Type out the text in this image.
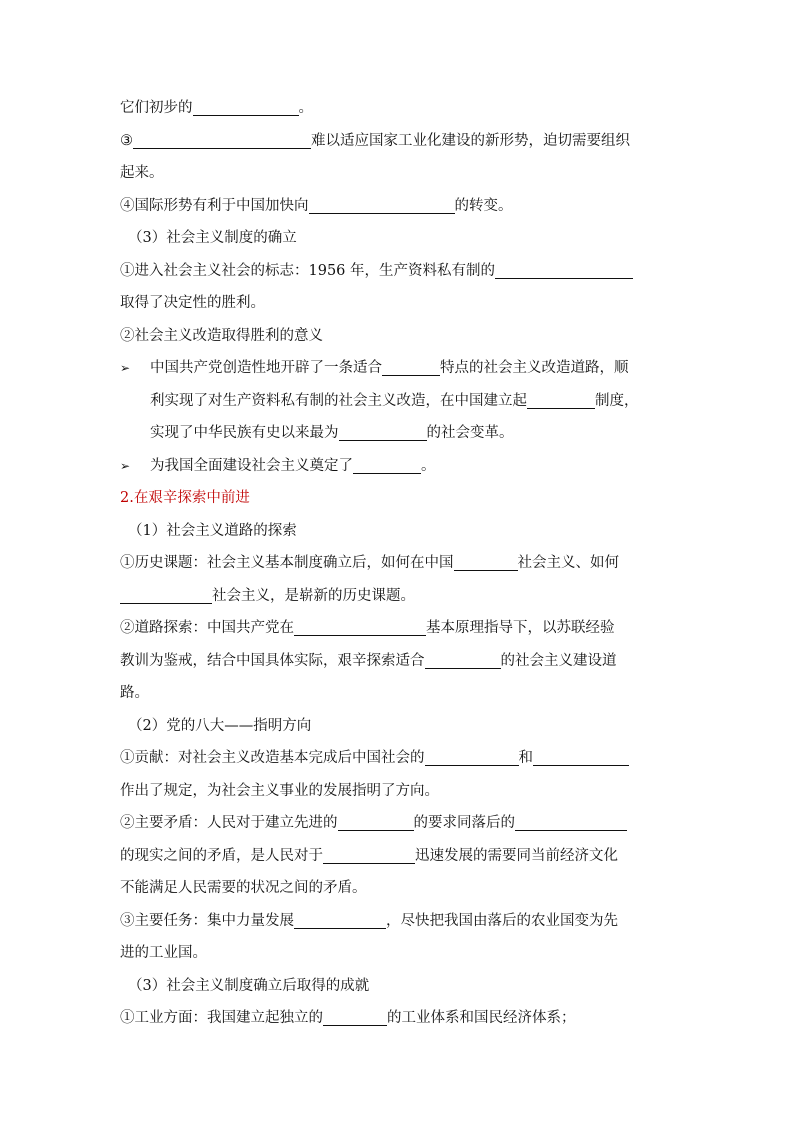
它们初步的	。
③	难以适应国家工业化建设的新形势，迫切需要组织
起来。
④国际形势有利于中国加快向	的转变。
（3）社会主义制度的确立
①进入社会主义社会的标志：1956 年，生产资料私有制的
取得了决定性的胜利。
②社会主义改造取得胜利的意义
➢ 中国共产党创造性地开辟了一条适合	特点的社会主义改造道路，顺
利实现了对生产资料私有制的社会主义改造，在中国建立起	制度，
实现了中华民族有史以来最为	的社会变革。
➢ 为我国全面建设社会主义奠定了	。
2.在艰辛探索中前进
（1）社会主义道路的探索
①历史课题：社会主义基本制度确立后，如何在中国	社会主义、如何
社会主义，是崭新的历史课题。
②道路探索：中国共产党在	基本原理指导下，以苏联经验
教训为鉴戒，结合中国具体实际，艰辛探索适合	的社会主义建设道
路。
（2）党的八大——指明方向
①贡献：对社会主义改造基本完成后中国社会的	和
作出了规定，为社会主义事业的发展指明了方向。
②主要矛盾：人民对于建立先进的	的要求同落后的
的现实之间的矛盾，是人民对于	迅速发展的需要同当前经济文化
不能满足人民需要的状况之间的矛盾。
③主要任务：集中力量发展	，尽快把我国由落后的农业国变为先
进的工业国。
（3）社会主义制度确立后取得的成就
①工业方面：我国建立起独立的	的工业体系和国民经济体系；
